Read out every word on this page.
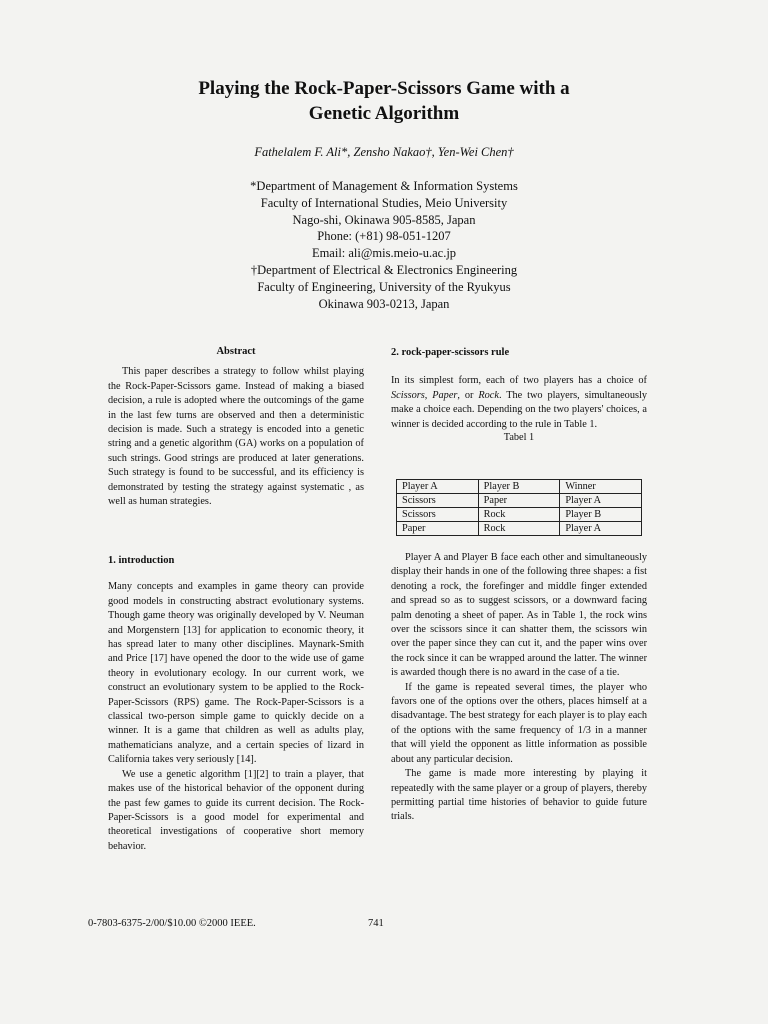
Playing the Rock-Paper-Scissors Game with a
Genetic Algorithm
Fathelalem F. Ali*, Zensho Nakao†, Yen-Wei Chen†
*Department of Management & Information Systems
Faculty of International Studies, Meio University
Nago-shi, Okinawa 905-8585, Japan
Phone: (+81) 98-051-1207
Email: ali@mis.meio-u.ac.jp
†Department of Electrical & Electronics Engineering
Faculty of Engineering, University of the Ryukyus
Okinawa 903-0213, Japan
Abstract

This paper describes a strategy to follow whilst playing the Rock-Paper-Scissors game. Instead of making a biased decision, a rule is adopted where the outcomings of the game in the last few turns are observed and then a deterministic decision is made. Such a strategy is encoded into a genetic string and a genetic algorithm (GA) works on a population of such strings. Good strings are produced at later generations. Such strategy is found to be successful, and its efficiency is demonstrated by testing the strategy against systematic , as well as human strategies.

1. introduction

Many concepts and examples in game theory can provide good models in constructing abstract evolutionary systems. Though game theory was originally developed by V. Neuman and Morgenstern [13] for application to economic theory, it has spread later to many other disciplines. Maynark-Smith and Price [17] have opened the door to the wide use of game theory in evolutionary ecology. In our current work, we construct an evolutionary system to be applied to the Rock-Paper-Scissors (RPS) game. The Rock-Paper-Scissors is a classical two-person simple game to quickly decide on a winner. It is a game that children as well as adults play, mathematicians analyze, and a certain species of lizard in California takes very seriously [14].

We use a genetic algorithm [1][2] to train a player, that makes use of the historical behavior of the opponent during the past few games to guide its current decision. The Rock-Paper-Scissors is a good model for experimental and theoretical investigations of cooperative short memory behavior.

2. rock-paper-scissors rule

In its simplest form, each of two players has a choice of Scissors, Paper, or Rock. The two players, simultaneously make a choice each. Depending on the two players' choices, a winner is decided according to the rule in Table 1.

Tabel 1
Player A	Player B	Winner
Scissors	Paper	Player A
Scissors	Rock	Player B
Paper	Rock	Player A

Player A and Player B face each other and simultaneously display their hands in one of the following three shapes: a fist denoting a rock, the forefinger and middle finger extended and spread so as to suggest scissors, or a downward facing palm denoting a sheet of paper. As in Table 1, the rock wins over the scissors since it can shatter them, the scissors win over the paper since they can cut it, and the paper wins over the rock since it can be wrapped around the latter. The winner is awarded though there is no award in the case of a tie.

If the game is repeated several times, the player who favors one of the options over the others, places himself at a disadvantage. The best strategy for each player is to play each of the options with the same frequency of 1/3 in a manner that will yield the opponent as little information as possible about any particular decision.

The game is made more interesting by playing it repeatedly with the same player or a group of players, thereby permitting partial time histories of behavior to guide future trials.

0-7803-6375-2/00/$10.00 ©2000 IEEE.	741
